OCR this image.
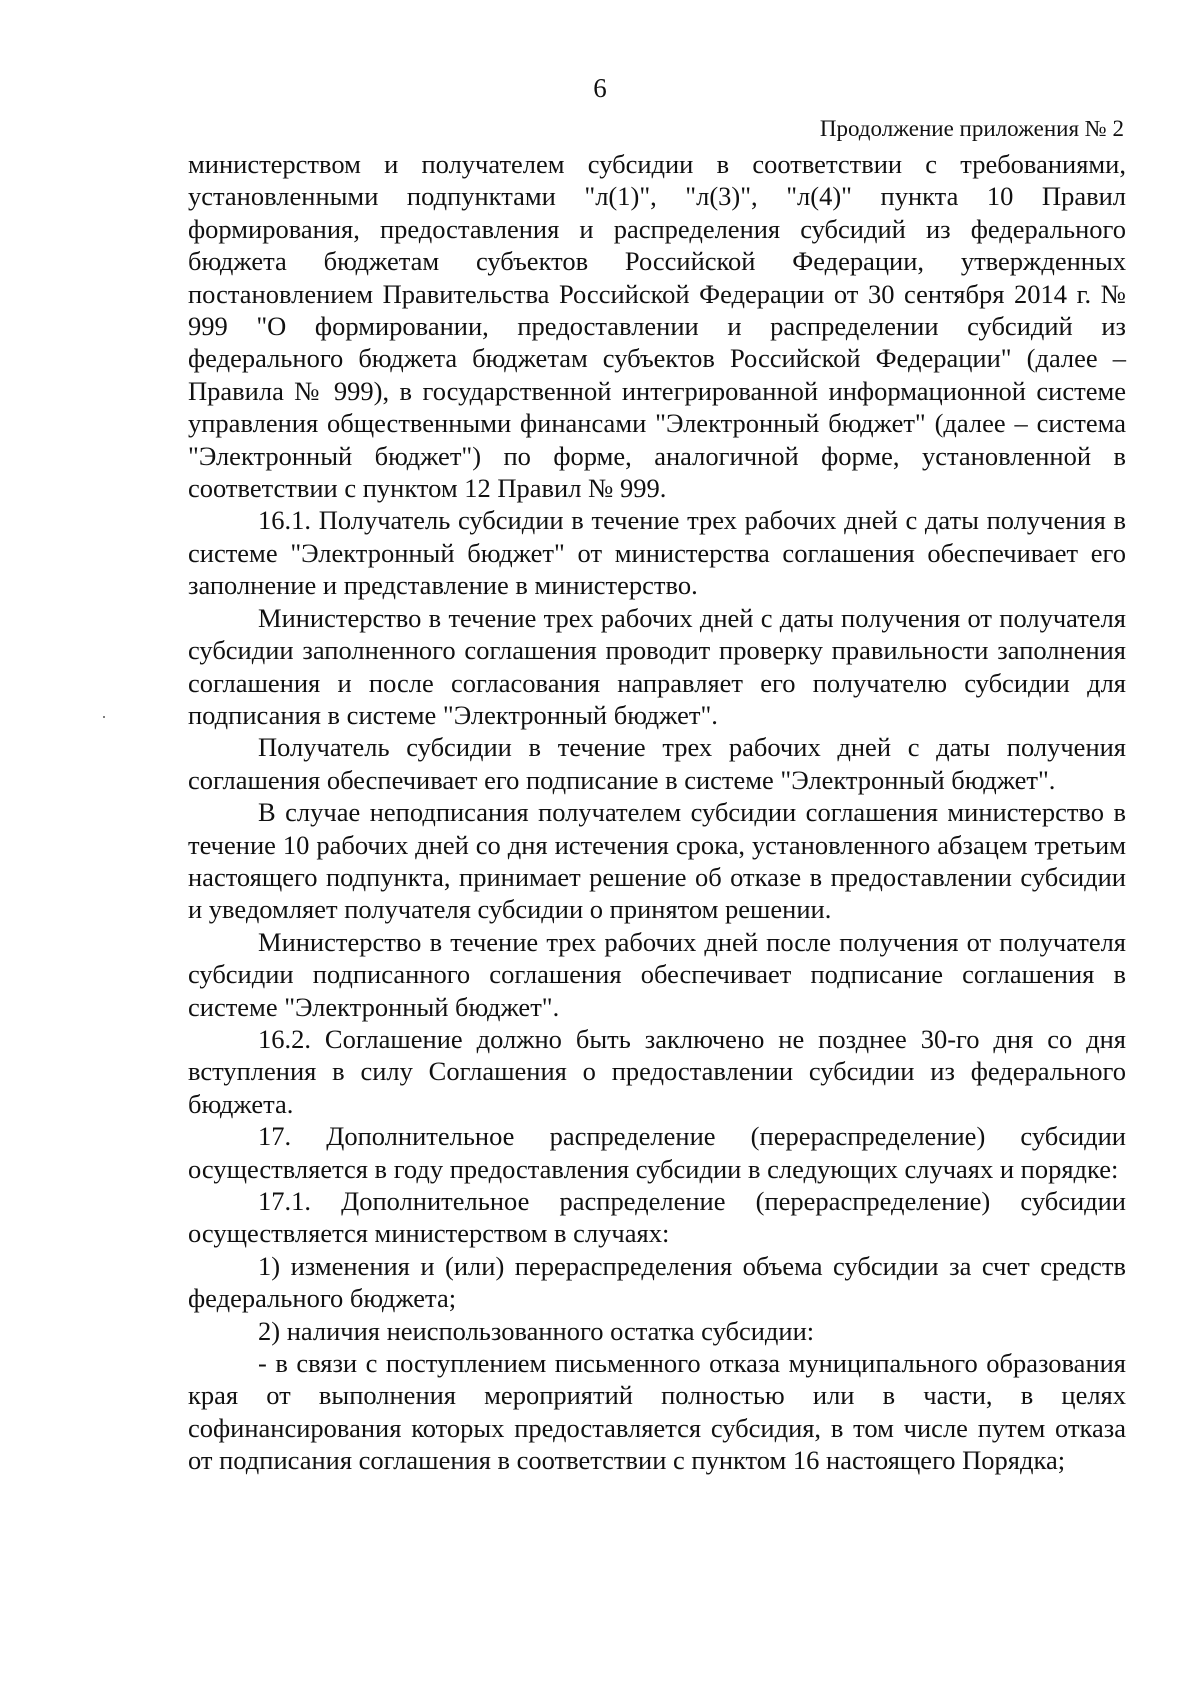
6
Продолжение приложения № 2

министерством и получателем субсидии в соответствии с требованиями, установленными подпунктами "л(1)", "л(3)", "л(4)" пункта 10 Правил формирования, предоставления и распределения субсидий из федерального бюджета бюджетам субъектов Российской Федерации, утвержденных постановлением Правительства Российской Федерации от 30 сентября 2014 г. № 999 "О формировании, предоставлении и распределении субсидий из федерального бюджета бюджетам субъектов Российской Федерации" (далее – Правила № 999), в государственной интегрированной информационной системе управления общественными финансами "Электронный бюджет" (далее – система "Электронный бюджет") по форме, аналогичной форме, установленной в соответствии с пунктом 12 Правил № 999.

16.1. Получатель субсидии в течение трех рабочих дней с даты получения в системе "Электронный бюджет" от министерства соглашения обеспечивает его заполнение и представление в министерство.

Министерство в течение трех рабочих дней с даты получения от получателя субсидии заполненного соглашения проводит проверку правильности заполнения соглашения и после согласования направляет его получателю субсидии для подписания в системе "Электронный бюджет".

Получатель субсидии в течение трех рабочих дней с даты получения соглашения обеспечивает его подписание в системе "Электронный бюджет".

В случае неподписания получателем субсидии соглашения министерство в течение 10 рабочих дней со дня истечения срока, установленного абзацем третьим настоящего подпункта, принимает решение об отказе в предоставлении субсидии и уведомляет получателя субсидии о принятом решении.

Министерство в течение трех рабочих дней после получения от получателя субсидии подписанного соглашения обеспечивает подписание соглашения в системе "Электронный бюджет".

16.2. Соглашение должно быть заключено не позднее 30-го дня со дня вступления в силу Соглашения о предоставлении субсидии из федерального бюджета.

17. Дополнительное распределение (перераспределение) субсидии осуществляется в году предоставления субсидии в следующих случаях и порядке:

17.1. Дополнительное распределение (перераспределение) субсидии осуществляется министерством в случаях:

1) изменения и (или) перераспределения объема субсидии за счет средств федерального бюджета;

2) наличия неиспользованного остатка субсидии:

- в связи с поступлением письменного отказа муниципального образования края от выполнения мероприятий полностью или в части, в целях софинансирования которых предоставляется субсидия, в том числе путем отказа от подписания соглашения в соответствии с пунктом 16 настоящего Порядка;
